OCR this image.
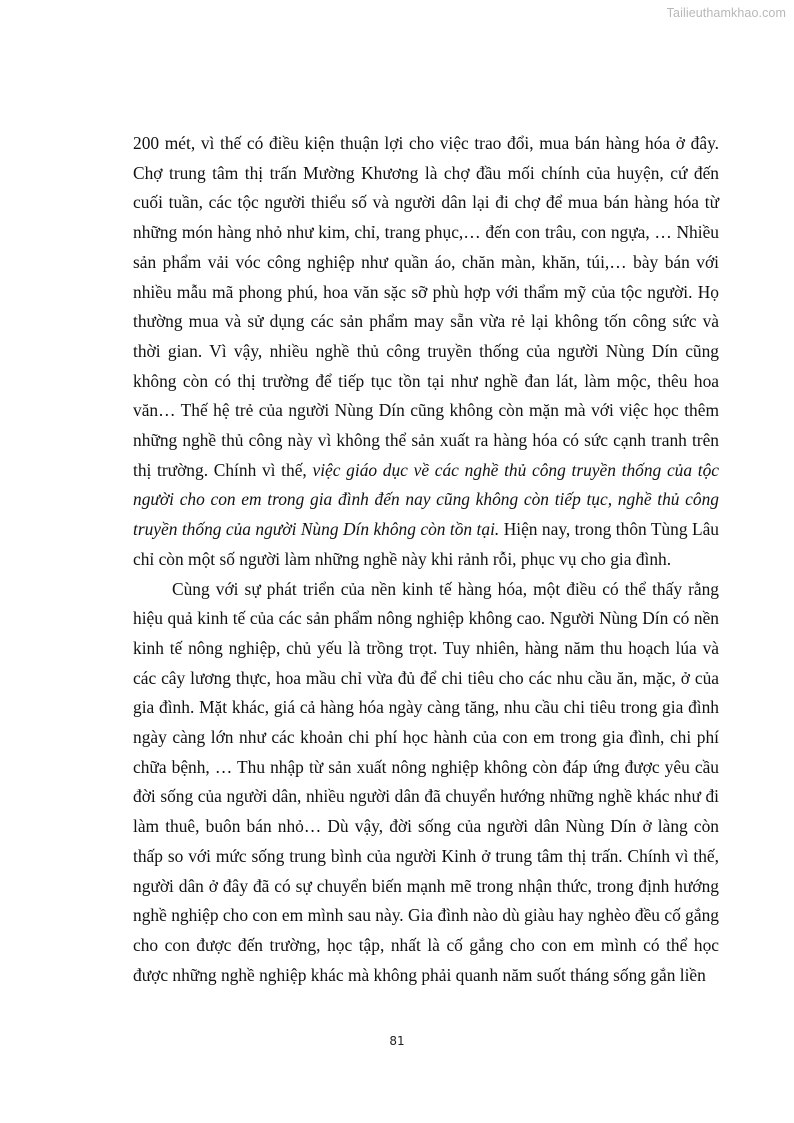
Tailieuthamkhao.com

200 mét, vì thế có điều kiện thuận lợi cho việc trao đổi, mua bán hàng hóa ở đây. Chợ trung tâm thị trấn Mường Khương là chợ đầu mối chính của huyện, cứ đến cuối tuần, các tộc người thiểu số và người dân lại đi chợ để mua bán hàng hóa từ những món hàng nhỏ như kim, chỉ, trang phục,… đến con trâu, con ngựa, … Nhiều sản phẩm vải vóc công nghiệp như quần áo, chăn màn, khăn, túi,… bày bán với nhiều mẫu mã phong phú, hoa văn sặc sỡ phù hợp với thẩm mỹ của tộc người. Họ thường mua và sử dụng các sản phẩm may sẵn vừa rẻ lại không tốn công sức và thời gian. Vì vậy, nhiều nghề thủ công truyền thống của người Nùng Dín cũng không còn có thị trường để tiếp tục tồn tại như nghề đan lát, làm mộc, thêu hoa văn… Thế hệ trẻ của người Nùng Dín cũng không còn mặn mà với việc học thêm những nghề thủ công này vì không thể sản xuất ra hàng hóa có sức cạnh tranh trên thị trường. Chính vì thế, việc giáo dục về các nghề thủ công truyền thống của tộc người cho con em trong gia đình đến nay cũng không còn tiếp tục, nghề thủ công truyền thống của người Nùng Dín không còn tồn tại. Hiện nay, trong thôn Tùng Lâu chỉ còn một số người làm những nghề này khi rảnh rỗi, phục vụ cho gia đình.

Cùng với sự phát triển của nền kinh tế hàng hóa, một điều có thể thấy rằng hiệu quả kinh tế của các sản phẩm nông nghiệp không cao. Người Nùng Dín có nền kinh tế nông nghiệp, chủ yếu là trồng trọt. Tuy nhiên, hàng năm thu hoạch lúa và các cây lương thực, hoa mầu chỉ vừa đủ để chi tiêu cho các nhu cầu ăn, mặc, ở của gia đình. Mặt khác, giá cả hàng hóa ngày càng tăng, nhu cầu chi tiêu trong gia đình ngày càng lớn như các khoản chi phí học hành của con em trong gia đình, chi phí chữa bệnh, … Thu nhập từ sản xuất nông nghiệp không còn đáp ứng được yêu cầu đời sống của người dân, nhiều người dân đã chuyển hướng những nghề khác như đi làm thuê, buôn bán nhỏ… Dù vậy, đời sống của người dân Nùng Dín ở làng còn thấp so với mức sống trung bình của người Kinh ở trung tâm thị trấn. Chính vì thế, người dân ở đây đã có sự chuyển biến mạnh mẽ trong nhận thức, trong định hướng nghề nghiệp cho con em mình sau này. Gia đình nào dù giàu hay nghèo đều cố gắng cho con được đến trường, học tập, nhất là cố gắng cho con em mình có thể học được những nghề nghiệp khác mà không phải quanh năm suốt tháng sống gắn liền

81
